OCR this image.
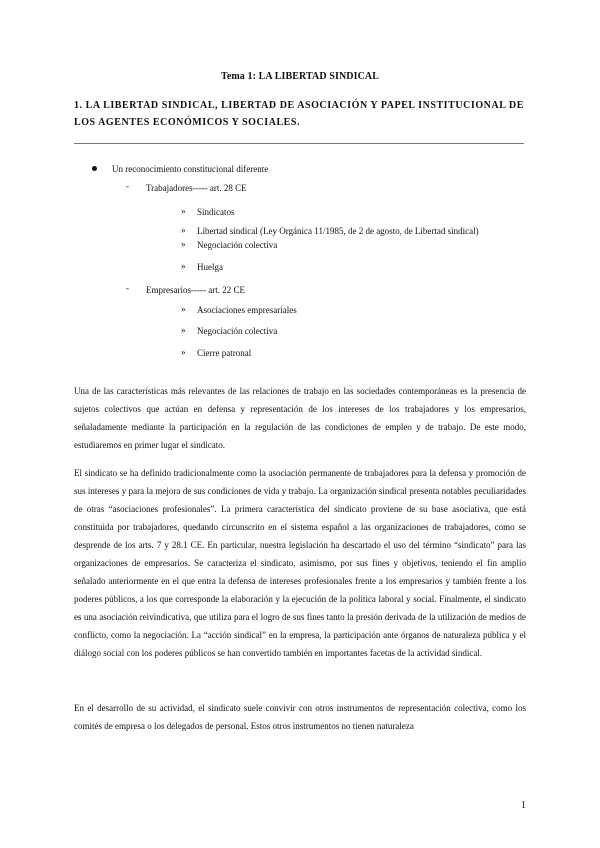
Tema 1: LA LIBERTAD SINDICAL
1. LA LIBERTAD SINDICAL, LIBERTAD DE ASOCIACIÓN Y PAPEL INSTITUCIONAL DE LOS AGENTES ECONÓMICOS Y SOCIALES.
Un reconocimiento constitucional diferente
- Trabajadores----- art. 28 CE
» Sindicatos
» Libertad sindical (Ley Orgánica 11/1985, de 2 de agosto, de Libertad sindical)
» Negociación colectiva
» Huelga
- Empresarios----- art. 22 CE
» Asociaciones empresariales
» Negociación colectiva
» Cierre patronal
Una de las características más relevantes de las relaciones de trabajo en las sociedades contemporáneas es la presencia de sujetos colectivos que actúan en defensa y representación de los intereses de los trabajadores y los empresarios, señaladamente mediante la participación en la regulación de las condiciones de empleo y de trabajo. De este modo, estudiaremos en primer lugar el sindicato.
El sindicato se ha definido tradicionalmente como la asociación permanente de trabajadores para la defensa y promoción de sus intereses y para la mejora de sus condiciones de vida y trabajo. La organización sindical presenta notables peculiaridades de otras “asociaciones profesionales”. La primera característica del sindicato proviene de su base asociativa, que está constituida por trabajadores, quedando circunscrito en el sistema español a las organizaciones de trabajadores, como se desprende de los arts. 7 y 28.1 CE. En particular, nuestra legislación ha descartado el uso del término “sindicato” para las organizaciones de empresarios. Se caracteriza el sindicato, asimismo, por sus fines y objetivos, teniendo el fin amplio señalado anteriormente en el que entra la defensa de intereses profesionales frente a los empresarios y también frente a los poderes públicos, a los que corresponde la elaboración y la ejecución de la política laboral y social. Finalmente, el sindicato es una asociación reivindicativa, que utiliza para el logro de sus fines tanto la presión derivada de la utilización de medios de conflicto, como la negociación. La “acción sindical” en la empresa, la participación ante órganos de naturaleza pública y el diálogo social con los poderes públicos se han convertido también en importantes facetas de la actividad sindical.
En el desarrollo de su actividad, el sindicato suele convivir con otros instrumentos de representación colectiva, como los comités de empresa o los delegados de personal. Estos otros instrumentos no tienen naturaleza
1
